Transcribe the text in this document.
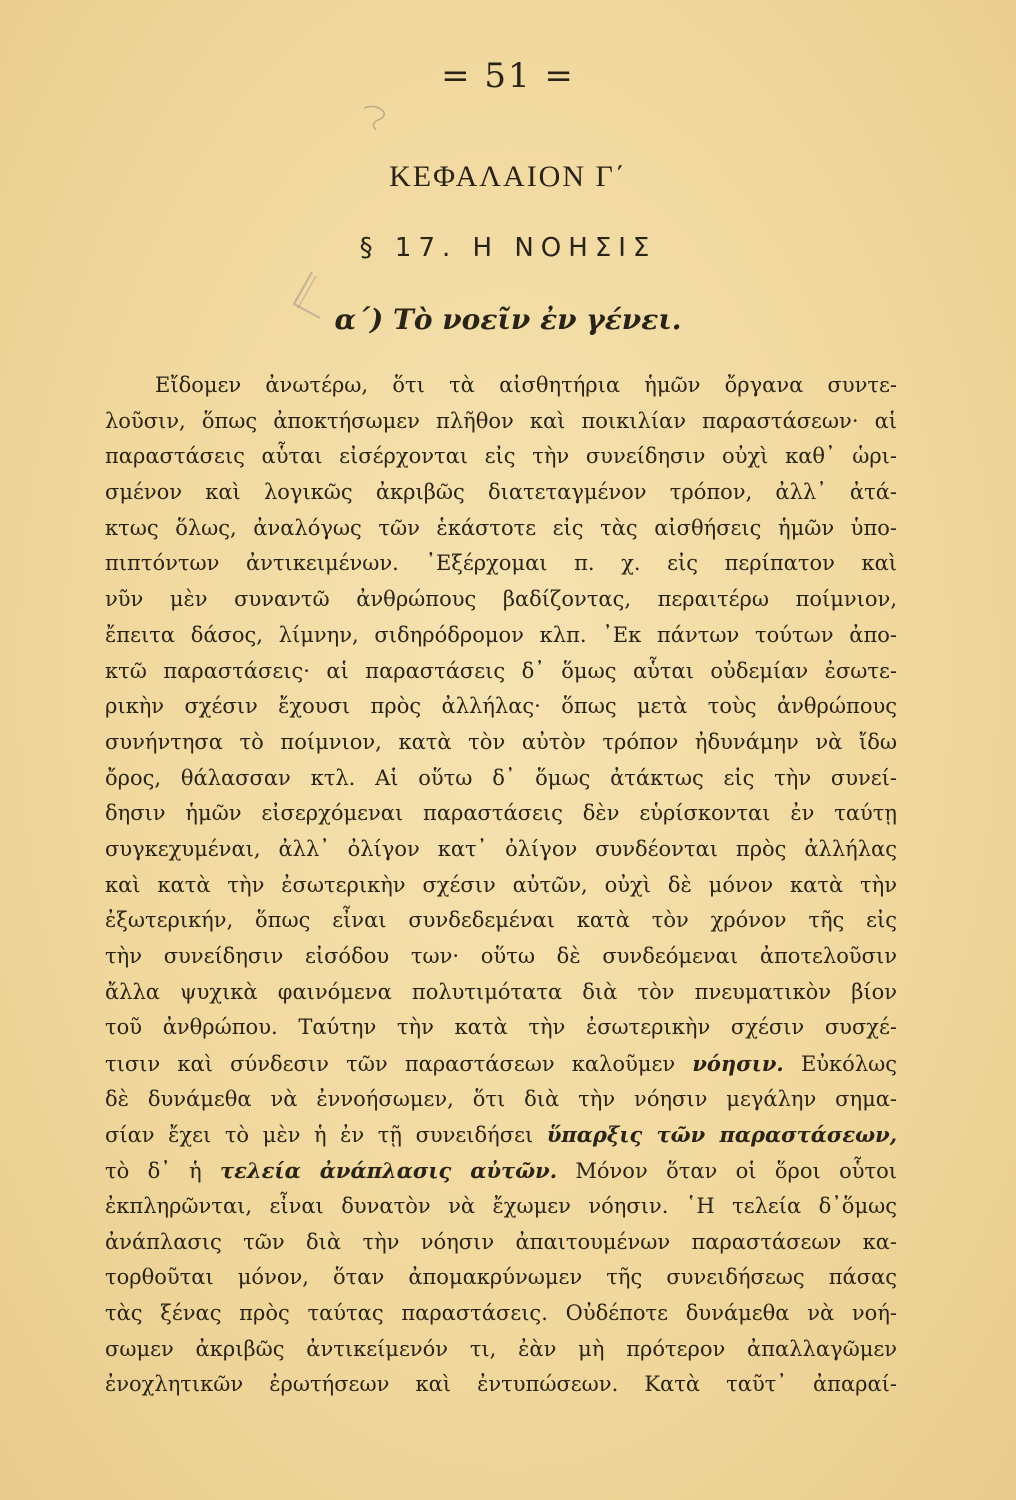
= 51 =
ΚΕΦΑΛΑΙΟΝ Γ΄
§ 17. Η ΝΟΗΣΙΣ
α΄) Τὸ νοεῖν ἐν γένει.
Εἴδομεν ἀνωτέρω, ὅτι τὰ αἰσθητήρια ἡμῶν ὄργανα συντε-
λοῦσιν, ὅπως ἀποκτήσωμεν πλῆθον καὶ ποικιλίαν παραστάσεων· αἱ
παραστάσεις αὗται εἰσέρχονται εἰς τὴν συνείδησιν οὐχὶ καθ᾿ ὡρι-
σμένον καὶ λογικῶς ἀκριβῶς διατεταγμένον τρόπον, ἀλλ᾿ ἀτά-
κτως ὅλως, ἀναλόγως τῶν ἑκάστοτε εἰς τὰς αἰσθήσεις ἡμῶν ὑπο-
πιπτόντων ἀντικειμένων. ᾿Εξέρχομαι π. χ. εἰς περίπατον καὶ
νῦν μὲν συναντῶ ἀνθρώπους βαδίζοντας, περαιτέρω ποίμνιον,
ἔπειτα δάσος, λίμνην, σιδηρόδρομον κλπ. ᾿Εκ πάντων τούτων ἀπο-
κτῶ παραστάσεις· αἱ παραστάσεις δ᾿ ὅμως αὗται οὐδεμίαν ἐσωτε-
ρικὴν σχέσιν ἔχουσι πρὸς ἀλλήλας· ὅπως μετὰ τοὺς ἀνθρώπους
συνήντησα τὸ ποίμνιον, κατὰ τὸν αὐτὸν τρόπον ἠδυνάμην νὰ ἴδω
ὄρος, θάλασσαν κτλ. Αἱ οὕτω δ᾿ ὅμως ἀτάκτως εἰς τὴν συνεί-
δησιν ἡμῶν εἰσερχόμεναι παραστάσεις δὲν εὑρίσκονται ἐν ταύτῃ
συγκεχυμέναι, ἀλλ᾿ ὀλίγον κατ᾿ ὀλίγον συνδέονται πρὸς ἀλλήλας
καὶ κατὰ τὴν ἐσωτερικὴν σχέσιν αὐτῶν, οὐχὶ δὲ μόνον κατὰ τὴν
ἐξωτερικήν, ὅπως εἶναι συνδεδεμέναι κατὰ τὸν χρόνον τῆς εἰς
τὴν συνείδησιν εἰσόδου των· οὕτω δὲ συνδεόμεναι ἀποτελοῦσιν
ἄλλα ψυχικὰ φαινόμενα πολυτιμότατα διὰ τὸν πνευματικὸν βίον
τοῦ ἀνθρώπου. Ταύτην τὴν κατὰ τὴν ἐσωτερικὴν σχέσιν συσχέ-
τισιν καὶ σύνδεσιν τῶν παραστάσεων καλοῦμεν νόησιν. Εὐκόλως
δὲ δυνάμεθα νὰ ἐννοήσωμεν, ὅτι διὰ τὴν νόησιν μεγάλην σημα-
σίαν ἔχει τὸ μὲν ἡ ἐν τῇ συνειδήσει ὕπαρξις τῶν παραστάσεων,
τὸ δ᾿ ἡ τελεία ἀνάπλασις αὐτῶν. Μόνον ὅταν οἱ ὅροι οὗτοι
ἐκπληρῶνται, εἶναι δυνατὸν νὰ ἔχωμεν νόησιν. ῾Η τελεία δ᾿ὅμως
ἀνάπλασις τῶν διὰ τὴν νόησιν ἀπαιτουμένων παραστάσεων κα-
τορθοῦται μόνον, ὅταν ἀπομακρύνωμεν τῆς συνειδήσεως πάσας
τὰς ξένας πρὸς ταύτας παραστάσεις. Οὐδέποτε δυνάμεθα νὰ νοή-
σωμεν ἀκριβῶς ἀντικείμενόν τι, ἐὰν μὴ πρότερον ἀπαλλαγῶμεν
ἐνοχλητικῶν ἐρωτήσεων καὶ ἐντυπώσεων. Κατὰ ταῦτ᾿ ἀπαραί-
